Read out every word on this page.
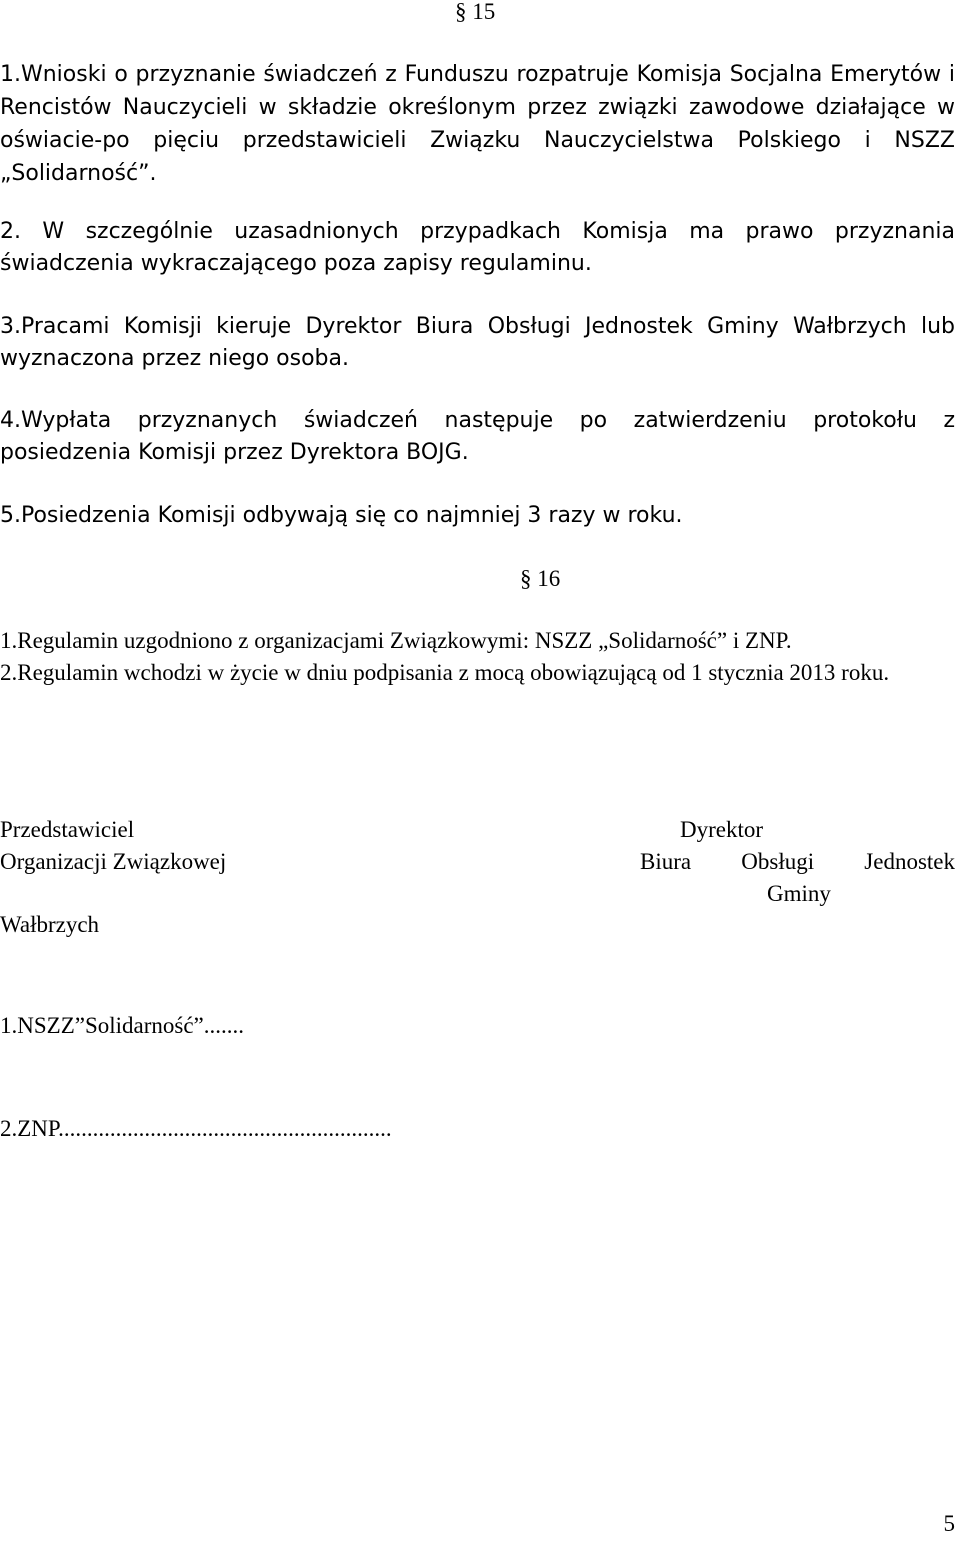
§ 15
1.Wnioski o przyznanie świadczeń z Funduszu rozpatruje Komisja Socjalna Emerytów i Rencistów Nauczycieli w składzie określonym przez związki zawodowe działające w oświacie-po pięciu przedstawicieli Związku Nauczycielstwa Polskiego i NSZZ „Solidarność”.
2. W szczególnie uzasadnionych przypadkach Komisja ma prawo przyznania świadczenia wykraczającego poza zapisy regulaminu.
3.Pracami Komisji kieruje Dyrektor Biura Obsługi Jednostek Gminy Wałbrzych lub wyznaczona przez niego osoba.
4.Wypłata przyznanych świadczeń następuje po zatwierdzeniu protokołu z posiedzenia Komisji przez Dyrektora BOJG.
5.Posiedzenia Komisji odbywają się co najmniej 3 razy w roku.
§ 16
1.Regulamin uzgodniono z organizacjami Związkowymi: NSZZ „Solidarność” i ZNP.
2.Regulamin wchodzi w życie w dniu podpisania z mocą obowiązującą od 1 stycznia 2013 roku.
Przedstawiciel
Organizacji Związkowej
Dyrektor
Biura Obsługi Jednostek
Gminy
Wałbrzych
1.NSZZ”Solidarność”.......
2.ZNP..........................................................
5
